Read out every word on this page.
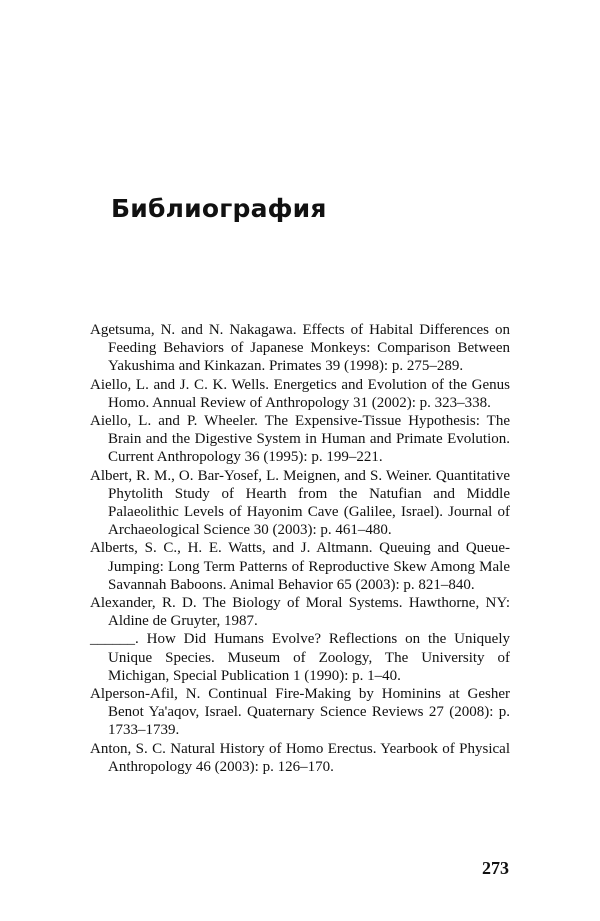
Библиография
Agetsuma, N. and N. Nakagawa. Effects of Habital Differences on Feeding Behaviors of Japanese Monkeys: Comparison Between Yakushima and Kinkazan. Primates 39 (1998): p. 275–289.
Aiello, L. and J. C. K. Wells. Energetics and Evolution of the Genus Homo. Annual Review of Anthropology 31 (2002): p. 323–338.
Aiello, L. and P. Wheeler. The Expensive-Tissue Hypothesis: The Brain and the Digestive System in Human and Primate Evolution. Current Anthropology 36 (1995): p. 199–221.
Albert, R. M., O. Bar-Yosef, L. Meignen, and S. Weiner. Quantitative Phytolith Study of Hearth from the Natufian and Middle Palaeolithic Levels of Hayonim Cave (Galilee, Israel). Journal of Archaeological Science 30 (2003): p. 461–480.
Alberts, S. C., H. E. Watts, and J. Altmann. Queuing and Queue-Jumping: Long Term Patterns of Reproductive Skew Among Male Savannah Baboons. Animal Behavior 65 (2003): p. 821–840.
Alexander, R. D. The Biology of Moral Systems. Hawthorne, NY: Aldine de Gruyter, 1987.
______. How Did Humans Evolve? Reflections on the Uniquely Unique Species. Museum of Zoology, The University of Michigan, Special Publication 1 (1990): p. 1–40.
Alperson-Afil, N. Continual Fire-Making by Hominins at Gesher Benot Ya'aqov, Israel. Quaternary Science Reviews 27 (2008): p. 1733–1739.
Anton, S. C. Natural History of Homo Erectus. Yearbook of Physical Anthropology 46 (2003): p. 126–170.
273
